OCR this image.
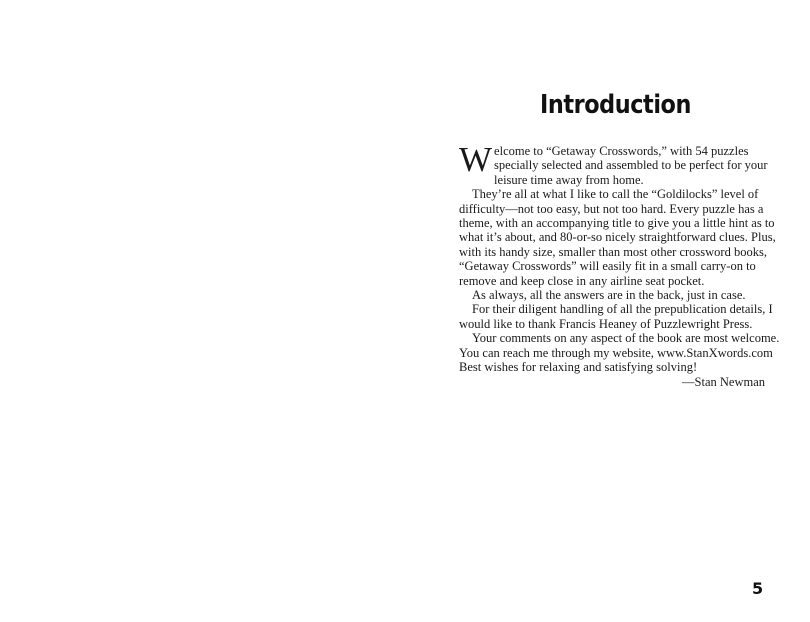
Introduction
W elcome to “Getaway Crosswords,” with 54 puzzles
specially selected and assembled to be perfect for your
leisure time away from home.
They’re all at what I like to call the “Goldilocks” level of
difficulty—not too easy, but not too hard. Every puzzle has a
theme, with an accompanying title to give you a little hint as to
what it’s about, and 80-or-so nicely straightforward clues. Plus,
with its handy size, smaller than most other crossword books,
“Getaway Crosswords” will easily fit in a small carry-on to
remove and keep close in any airline seat pocket.
As always, all the answers are in the back, just in case.
For their diligent handling of all the prepublication details, I
would like to thank Francis Heaney of Puzzlewright Press.
Your comments on any aspect of the book are most welcome.
You can reach me through my website, www.StanXwords.com
Best wishes for relaxing and satisfying solving!
—Stan Newman
5
